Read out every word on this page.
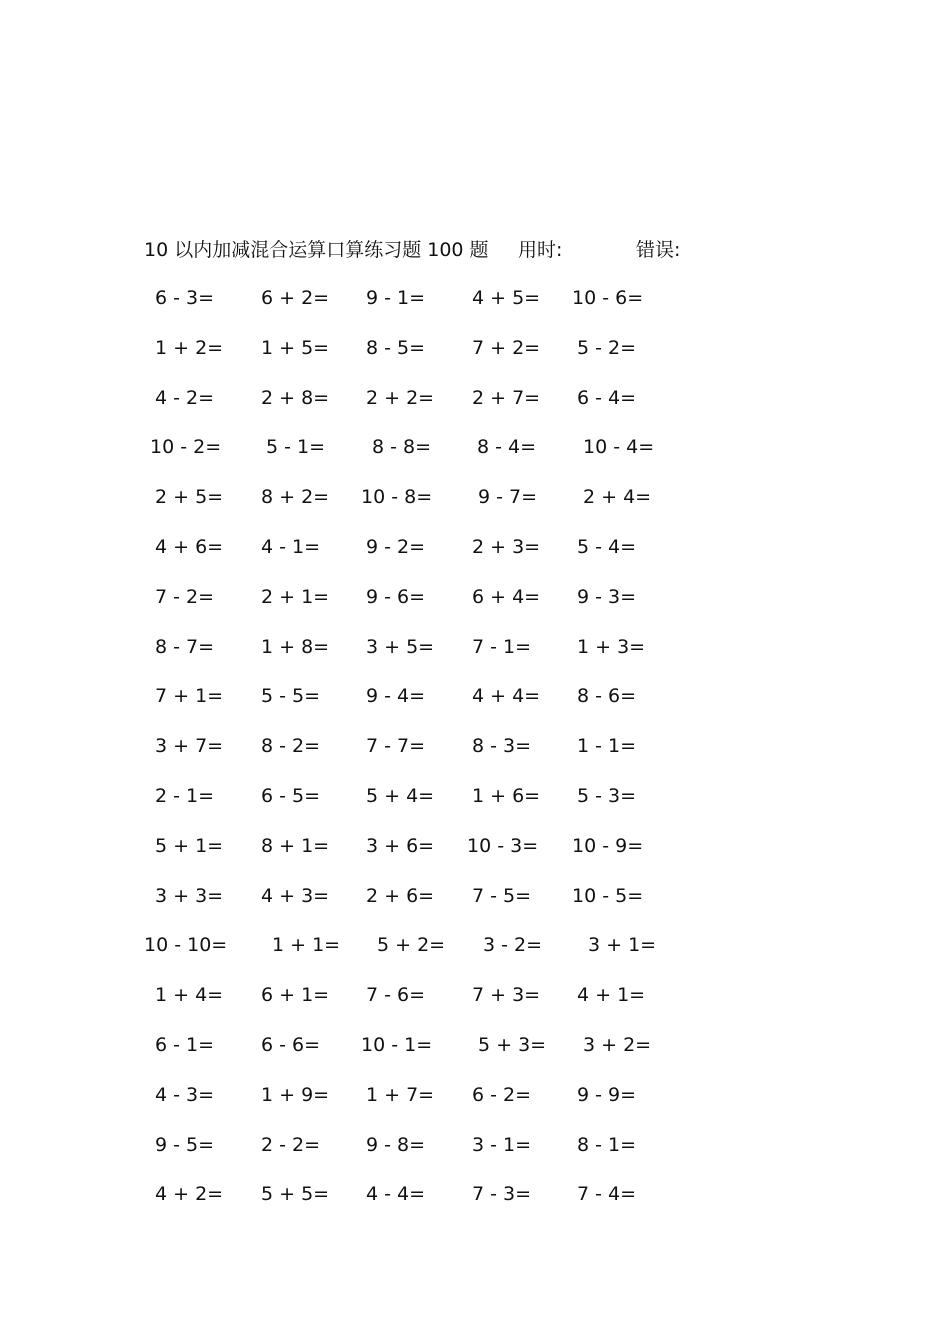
10 以内加减混合运算口算练习题 100 题 用时:	错误:
6 - 3=	6 + 2=	9 - 1=	4 + 5=	10 - 6=
1 + 2=	1 + 5=	8 - 5=	7 + 2=	5 - 2=
4 - 2=	2 + 8=	2 + 2=	2 + 7=	6 - 4=
10 - 2=	5 - 1=	8 - 8=	8 - 4=	10 - 4=
2 + 5=	8 + 2=	10 - 8=	9 - 7=	2 + 4=
4 + 6=	4 - 1=	9 - 2=	2 + 3=	5 - 4=
7 - 2=	2 + 1=	9 - 6=	6 + 4=	9 - 3=
8 - 7=	1 + 8=	3 + 5=	7 - 1=	1 + 3=
7 + 1=	5 - 5=	9 - 4=	4 + 4=	8 - 6=
3 + 7=	8 - 2=	7 - 7=	8 - 3=	1 - 1=
2 - 1=	6 - 5=	5 + 4=	1 + 6=	5 - 3=
5 + 1=	8 + 1=	3 + 6=	10 - 3=	10 - 9=
3 + 3=	4 + 3=	2 + 6=	7 - 5=	10 - 5=
10 - 10=	1 + 1=	5 + 2=	3 - 2=	3 + 1=
1 + 4=	6 + 1=	7 - 6=	7 + 3=	4 + 1=
6 - 1=	6 - 6=	10 - 1=	5 + 3=	3 + 2=
4 - 3=	1 + 9=	1 + 7=	6 - 2=	9 - 9=
9 - 5=	2 - 2=	9 - 8=	3 - 1=	8 - 1=
4 + 2=	5 + 5=	4 - 4=	7 - 3=	7 - 4=
